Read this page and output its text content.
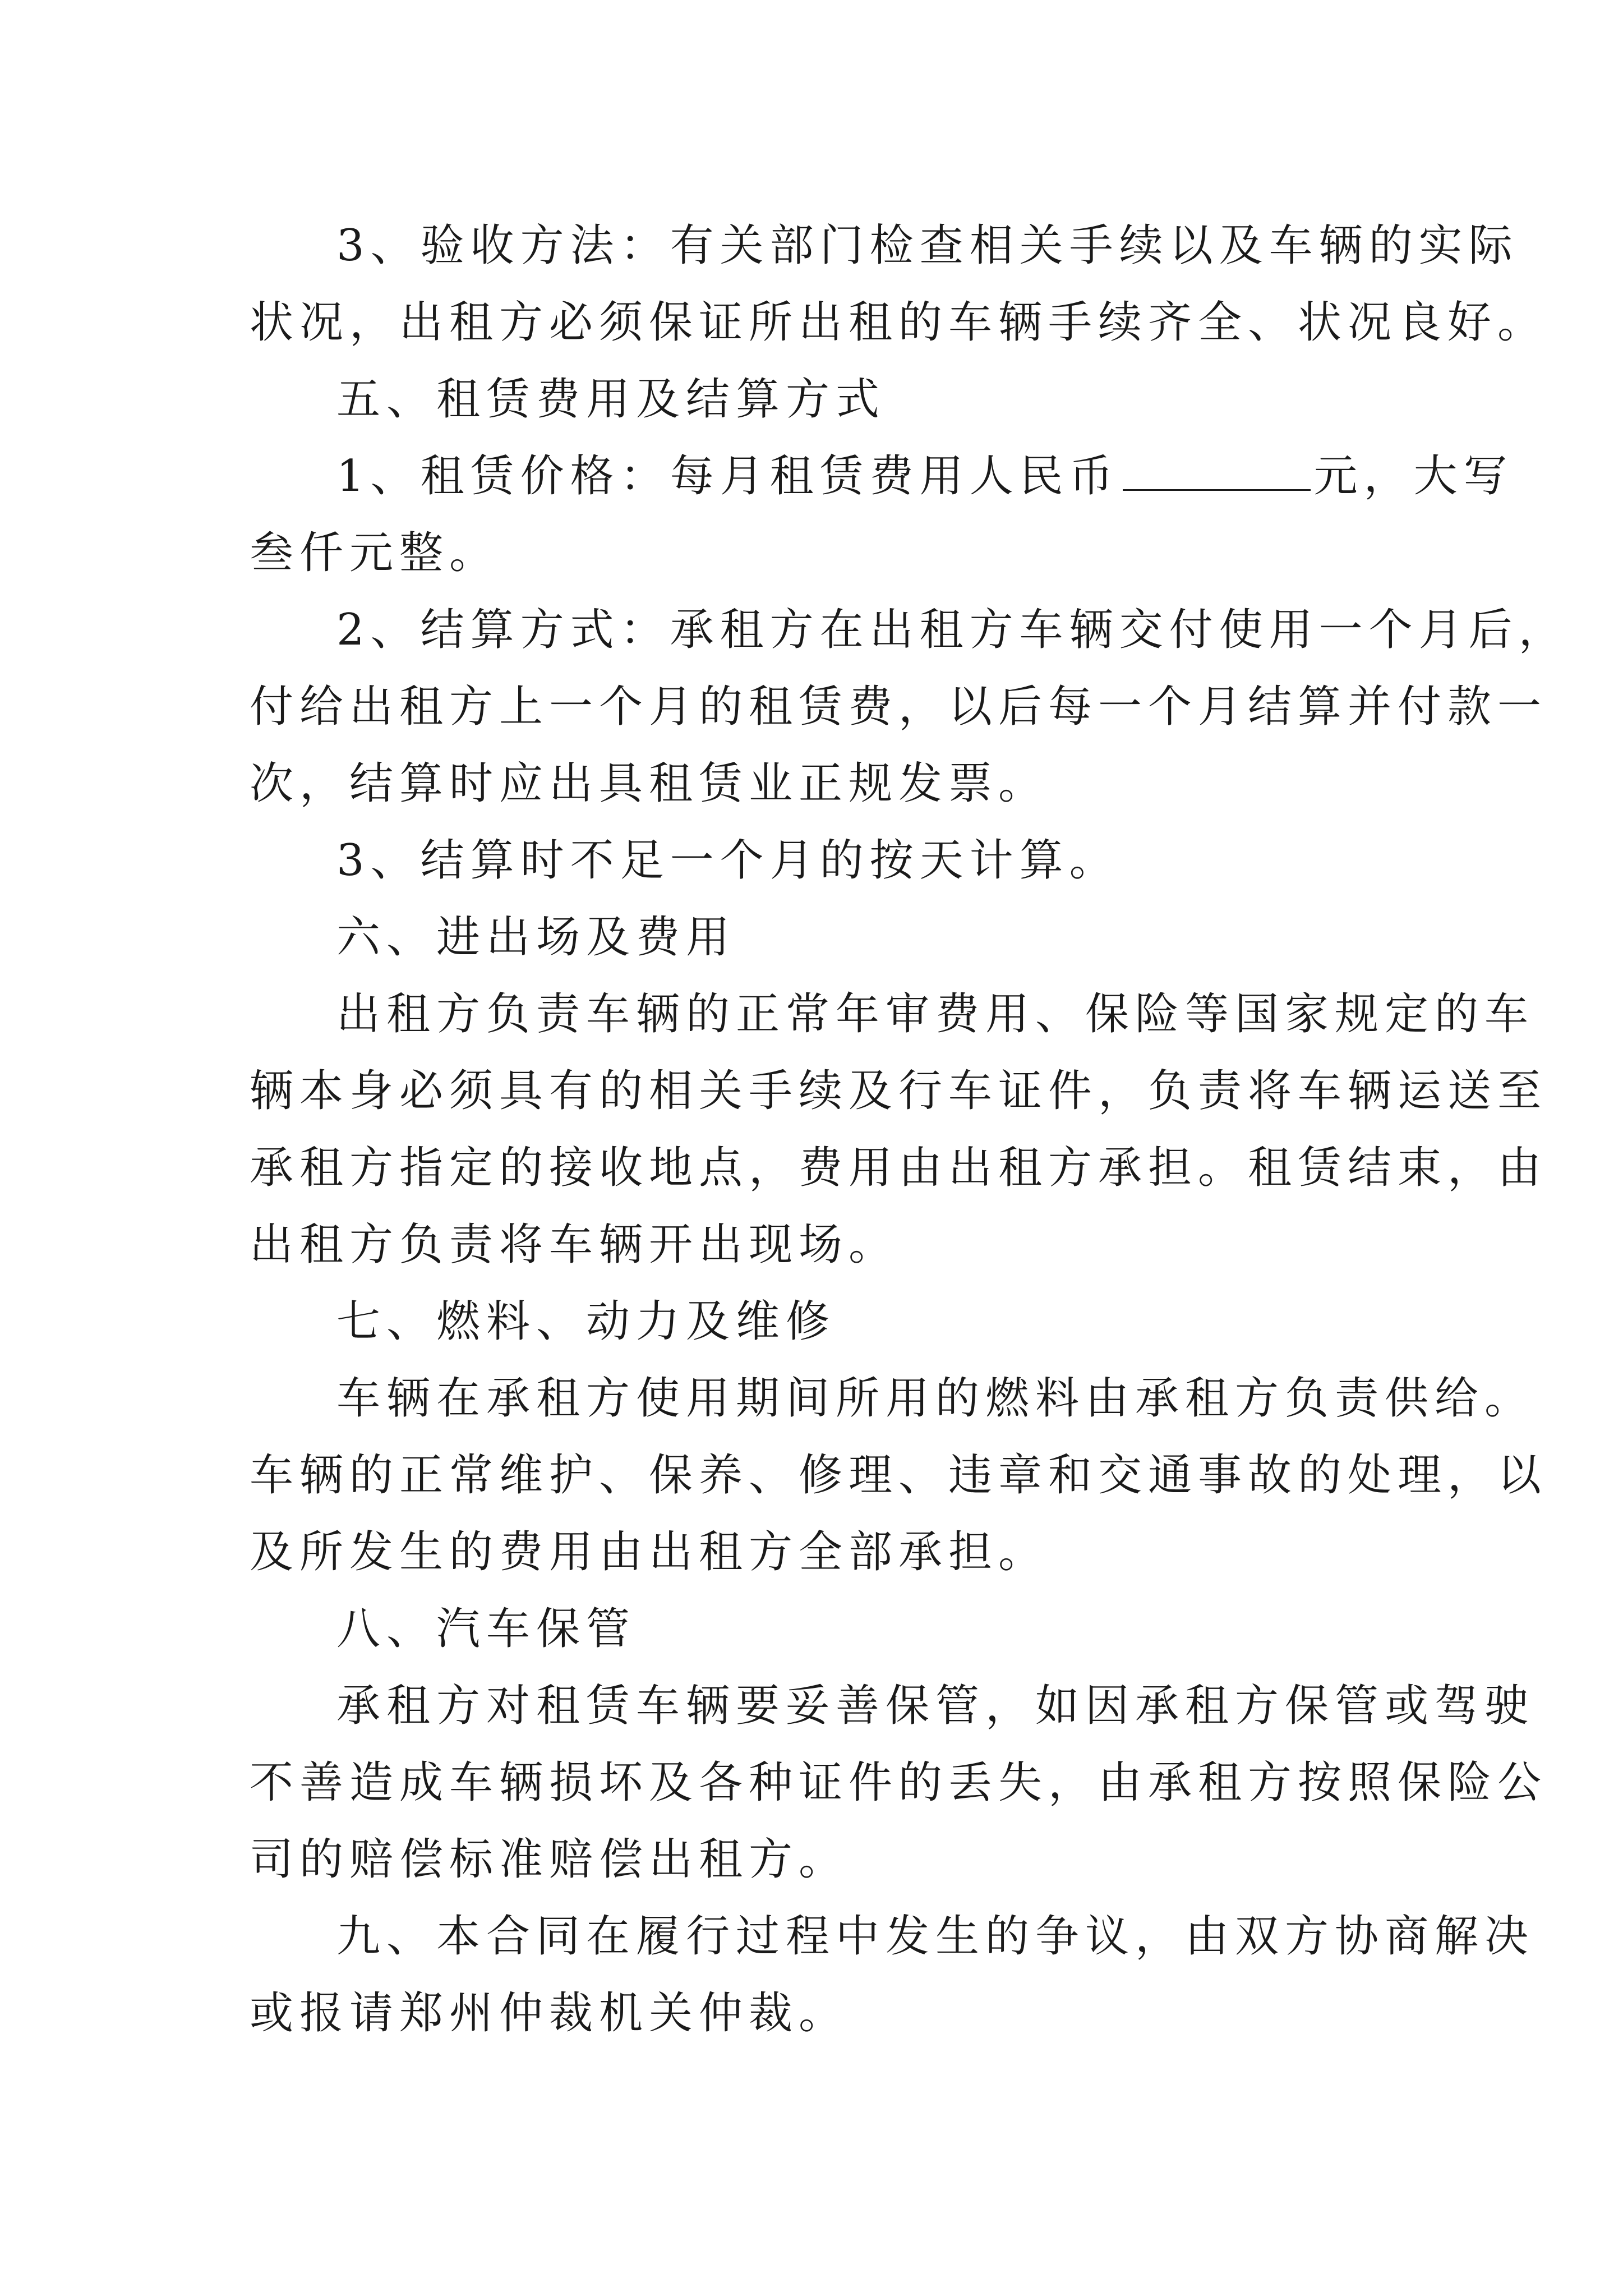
3、验收方法：有关部门检查相关手续以及车辆的实际
状况，出租方必须保证所出租的车辆手续齐全、状况良好。
五、租赁费用及结算方式
1、租赁价格：每月租赁费用人民币	元，大写
叁仟元整。
2、结算方式：承租方在出租方车辆交付使用一个月后，
付给出租方上一个月的租赁费，以后每一个月结算并付款一
次，结算时应出具租赁业正规发票。
3、结算时不足一个月的按天计算。
六、进出场及费用
出租方负责车辆的正常年审费用、保险等国家规定的车
辆本身必须具有的相关手续及行车证件，负责将车辆运送至
承租方指定的接收地点，费用由出租方承担。租赁结束，由
出租方负责将车辆开出现场。
七、燃料、动力及维修
车辆在承租方使用期间所用的燃料由承租方负责供给。
车辆的正常维护、保养、修理、违章和交通事故的处理，以
及所发生的费用由出租方全部承担。
八、汽车保管
承租方对租赁车辆要妥善保管，如因承租方保管或驾驶
不善造成车辆损坏及各种证件的丢失，由承租方按照保险公
司的赔偿标准赔偿出租方。
九、本合同在履行过程中发生的争议，由双方协商解决
或报请郑州仲裁机关仲裁。
